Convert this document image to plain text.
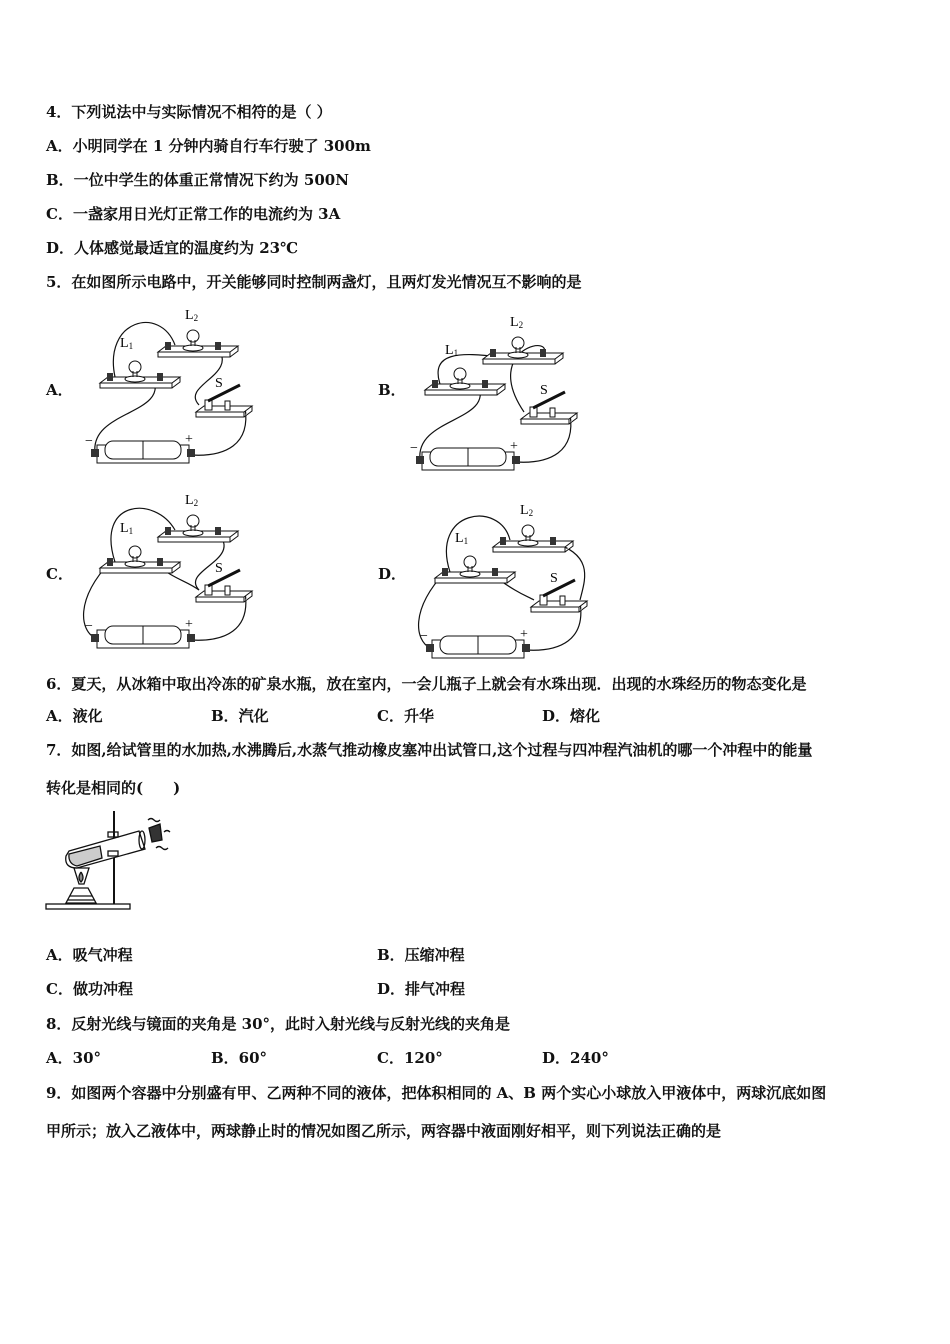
4．下列说法中与实际情况不相符的是（ ）
A．小明同学在 1 分钟内骑自行车行驶了 300m
B．一位中学生的体重正常情况下约为 500N
C．一盏家用日光灯正常工作的电流约为 3A
D．人体感觉最适宜的温度约为 23℃
5．在如图所示电路中，开关能够同时控制两盏灯，且两灯发光情况互不影响的是
A．	B．
C．	D．
L1
L2
S
−	+
L1
L2
S
−	+
L1
L2
S
−	+
L1
L2
S
−	+
6．夏天，从冰箱中取出冷冻的矿泉水瓶，放在室内，一会儿瓶子上就会有水珠出现．出现的水珠经历的物态变化是
A．液化	B．汽化	C．升华	D．熔化
7．如图,给试管里的水加热,水沸腾后,水蒸气推动橡皮塞冲出试管口,这个过程与四冲程汽油机的哪一个冲程中的能量
转化是相同的(　　)
A．吸气冲程	B．压缩冲程
C．做功冲程	D．排气冲程
8．反射光线与镜面的夹角是 30°，此时入射光线与反射光线的夹角是
A．30°	B．60°	C．120°	D．240°
9．如图两个容器中分别盛有甲、乙两种不同的液体，把体积相同的 A、B 两个实心小球放入甲液体中，两球沉底如图
甲所示；放入乙液体中，两球静止时的情况如图乙所示，两容器中液面刚好相平，则下列说法正确的是
